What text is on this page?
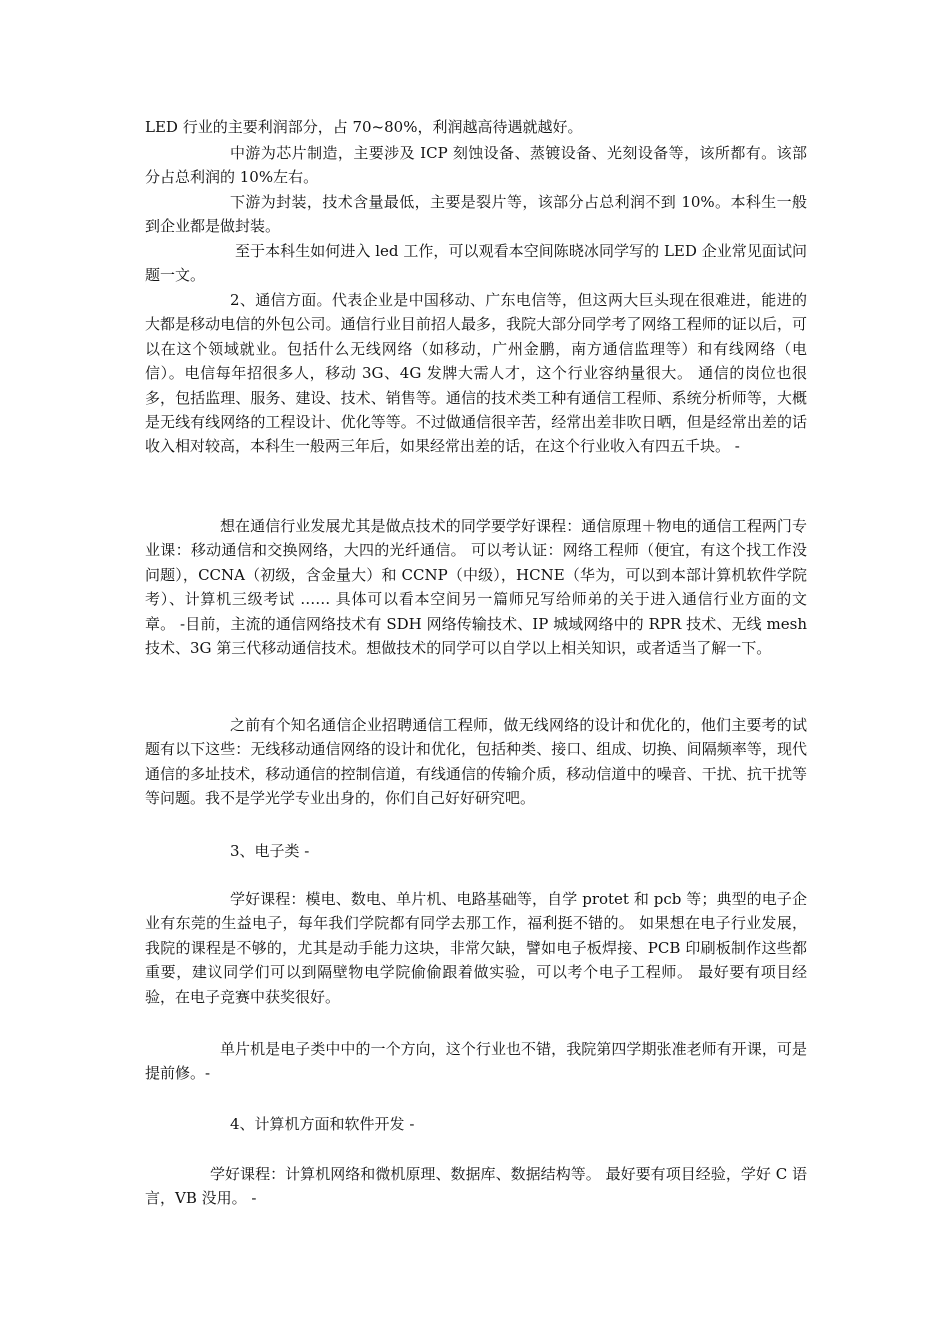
LED 行业的主要利润部分，占 70~80%，利润越高待遇就越好。

中游为芯片制造，主要涉及 ICP 刻蚀设备、蒸镀设备、光刻设备等，该所都有。该部分占总利润的 10%左右。

下游为封装，技术含量最低，主要是裂片等，该部分占总利润不到 10%。本科生一般到企业都是做封装。

至于本科生如何进入 led 工作，可以观看本空间陈晓冰同学写的 LED 企业常见面试问题一文。

2、通信方面。代表企业是中国移动、广东电信等，但这两大巨头现在很难进，能进的大都是移动电信的外包公司。通信行业目前招人最多，我院大部分同学考了网络工程师的证以后，可以在这个领域就业。包括什么无线网络（如移动，广州金鹏，南方通信监理等）和有线网络（电信）。电信每年招很多人，移动 3G、4G 发牌大需人才，这个行业容纳量很大。 通信的岗位也很多，包括监理、服务、建设、技术、销售等。通信的技术类工种有通信工程师、系统分析师等，大概是无线有线网络的工程设计、优化等等。不过做通信很辛苦，经常出差非吹日晒，但是经常出差的话收入相对较高，本科生一般两三年后，如果经常出差的话，在这个行业收入有四五千块。 -

想在通信行业发展尤其是做点技术的同学要学好课程：通信原理＋物电的通信工程两门专业课：移动通信和交换网络，大四的光纤通信。 可以考认证：网络工程师（便宜，有这个找工作没问题），CCNA（初级，含金量大）和 CCNP（中级），HCNE（华为，可以到本部计算机软件学院考）、计算机三级考试 …… 具体可以看本空间另一篇师兄写给师弟的关于进入通信行业方面的文章。 -目前，主流的通信网络技术有 SDH 网络传输技术、IP 城域网络中的 RPR 技术、无线 mesh 技术、3G 第三代移动通信技术。想做技术的同学可以自学以上相关知识，或者适当了解一下。

之前有个知名通信企业招聘通信工程师，做无线网络的设计和优化的，他们主要考的试题有以下这些：无线移动通信网络的设计和优化，包括种类、接口、组成、切换、间隔频率等，现代通信的多址技术，移动通信的控制信道，有线通信的传输介质，移动信道中的噪音、干扰、抗干扰等等问题。我不是学光学专业出身的，你们自己好好研究吧。

3、电子类 -

学好课程：模电、数电、单片机、电路基础等，自学 protet 和 pcb 等；典型的电子企业有东莞的生益电子，每年我们学院都有同学去那工作，福利挺不错的。 如果想在电子行业发展，我院的课程是不够的，尤其是动手能力这块，非常欠缺，譬如电子板焊接、PCB 印刷板制作这些都重要，建议同学们可以到隔壁物电学院偷偷跟着做实验，可以考个电子工程师。 最好要有项目经验，在电子竞赛中获奖很好。

单片机是电子类中中的一个方向，这个行业也不错，我院第四学期张准老师有开课，可是提前修。-

4、计算机方面和软件开发 -

学好课程：计算机网络和微机原理、数据库、数据结构等。 最好要有项目经验，学好 C 语言，VB 没用。 -
